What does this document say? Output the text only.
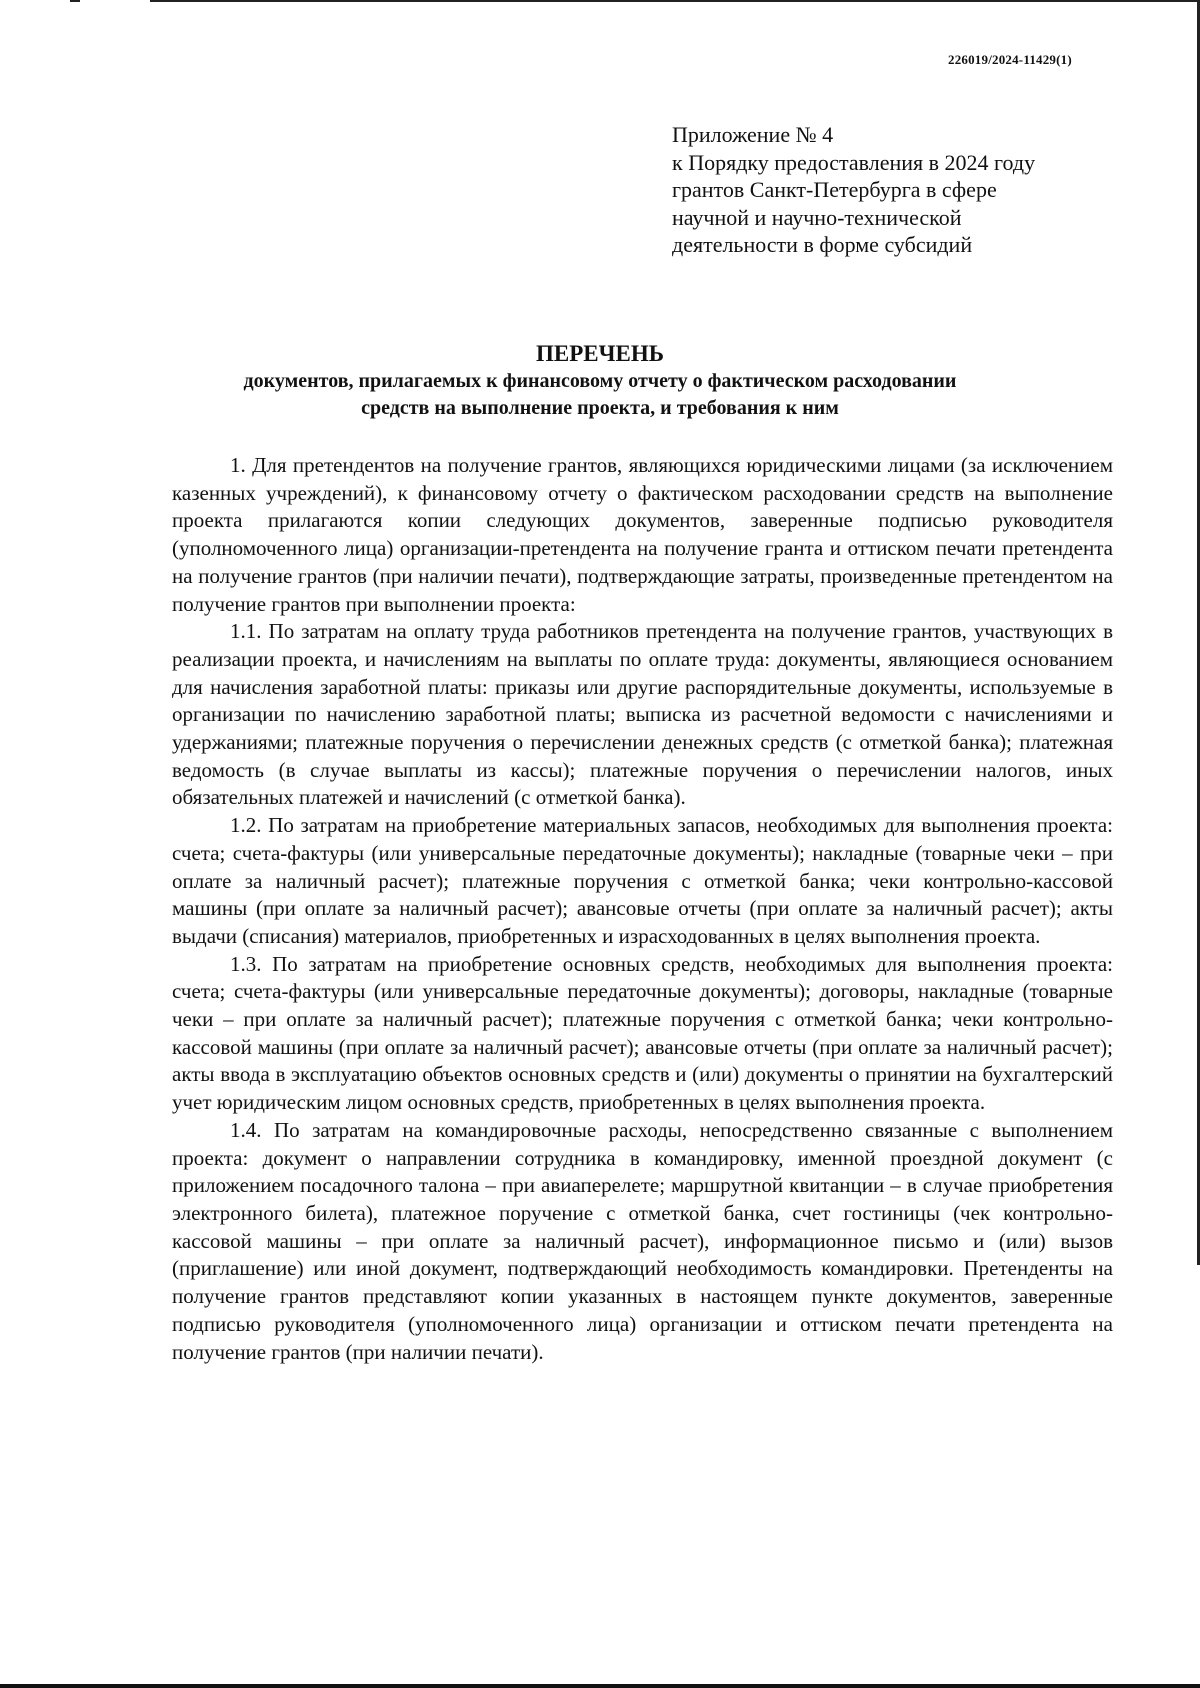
226019/2024-11429(1)
Приложение № 4
к Порядку предоставления в 2024 году
грантов Санкт-Петербурга в сфере
научной и научно-технической
деятельности в форме субсидий
ПЕРЕЧЕНЬ
документов, прилагаемых к финансовому отчету о фактическом расходовании
средств на выполнение проекта, и требования к ним

1. Для претендентов на получение грантов, являющихся юридическими лицами (за исключением казенных учреждений), к финансовому отчету о фактическом расходовании средств на выполнение проекта прилагаются копии следующих документов, заверенные подписью руководителя (уполномоченного лица) организации-претендента на получение гранта и оттиском печати претендента на получение грантов (при наличии печати), подтверждающие затраты, произведенные претендентом на получение грантов при выполнении проекта:

1.1. По затратам на оплату труда работников претендента на получение грантов, участвующих в реализации проекта, и начислениям на выплаты по оплате труда: документы, являющиеся основанием для начисления заработной платы: приказы или другие распорядительные документы, используемые в организации по начислению заработной платы; выписка из расчетной ведомости с начислениями и удержаниями; платежные поручения о перечислении денежных средств (с отметкой банка); платежная ведомость (в случае выплаты из кассы); платежные поручения о перечислении налогов, иных обязательных платежей и начислений (с отметкой банка).

1.2. По затратам на приобретение материальных запасов, необходимых для выполнения проекта: счета; счета-фактуры (или универсальные передаточные документы); накладные (товарные чеки – при оплате за наличный расчет); платежные поручения с отметкой банка; чеки контрольно-кассовой машины (при оплате за наличный расчет); авансовые отчеты (при оплате за наличный расчет); акты выдачи (списания) материалов, приобретенных и израсходованных в целях выполнения проекта.

1.3. По затратам на приобретение основных средств, необходимых для выполнения проекта: счета; счета-фактуры (или универсальные передаточные документы); договоры, накладные (товарные чеки – при оплате за наличный расчет); платежные поручения с отметкой банка; чеки контрольно-кассовой машины (при оплате за наличный расчет); авансовые отчеты (при оплате за наличный расчет); акты ввода в эксплуатацию объектов основных средств и (или) документы о принятии на бухгалтерский учет юридическим лицом основных средств, приобретенных в целях выполнения проекта.

1.4. По затратам на командировочные расходы, непосредственно связанные с выполнением проекта: документ о направлении сотрудника в командировку, именной проездной документ (с приложением посадочного талона – при авиаперелете; маршрутной квитанции – в случае приобретения электронного билета), платежное поручение с отметкой банка, счет гостиницы (чек контрольно-кассовой машины – при оплате за наличный расчет), информационное письмо и (или) вызов (приглашение) или иной документ, подтверждающий необходимость командировки. Претенденты на получение грантов представляют копии указанных в настоящем пункте документов, заверенные подписью руководителя (уполномоченного лица) организации и оттиском печати претендента на получение грантов (при наличии печати).
